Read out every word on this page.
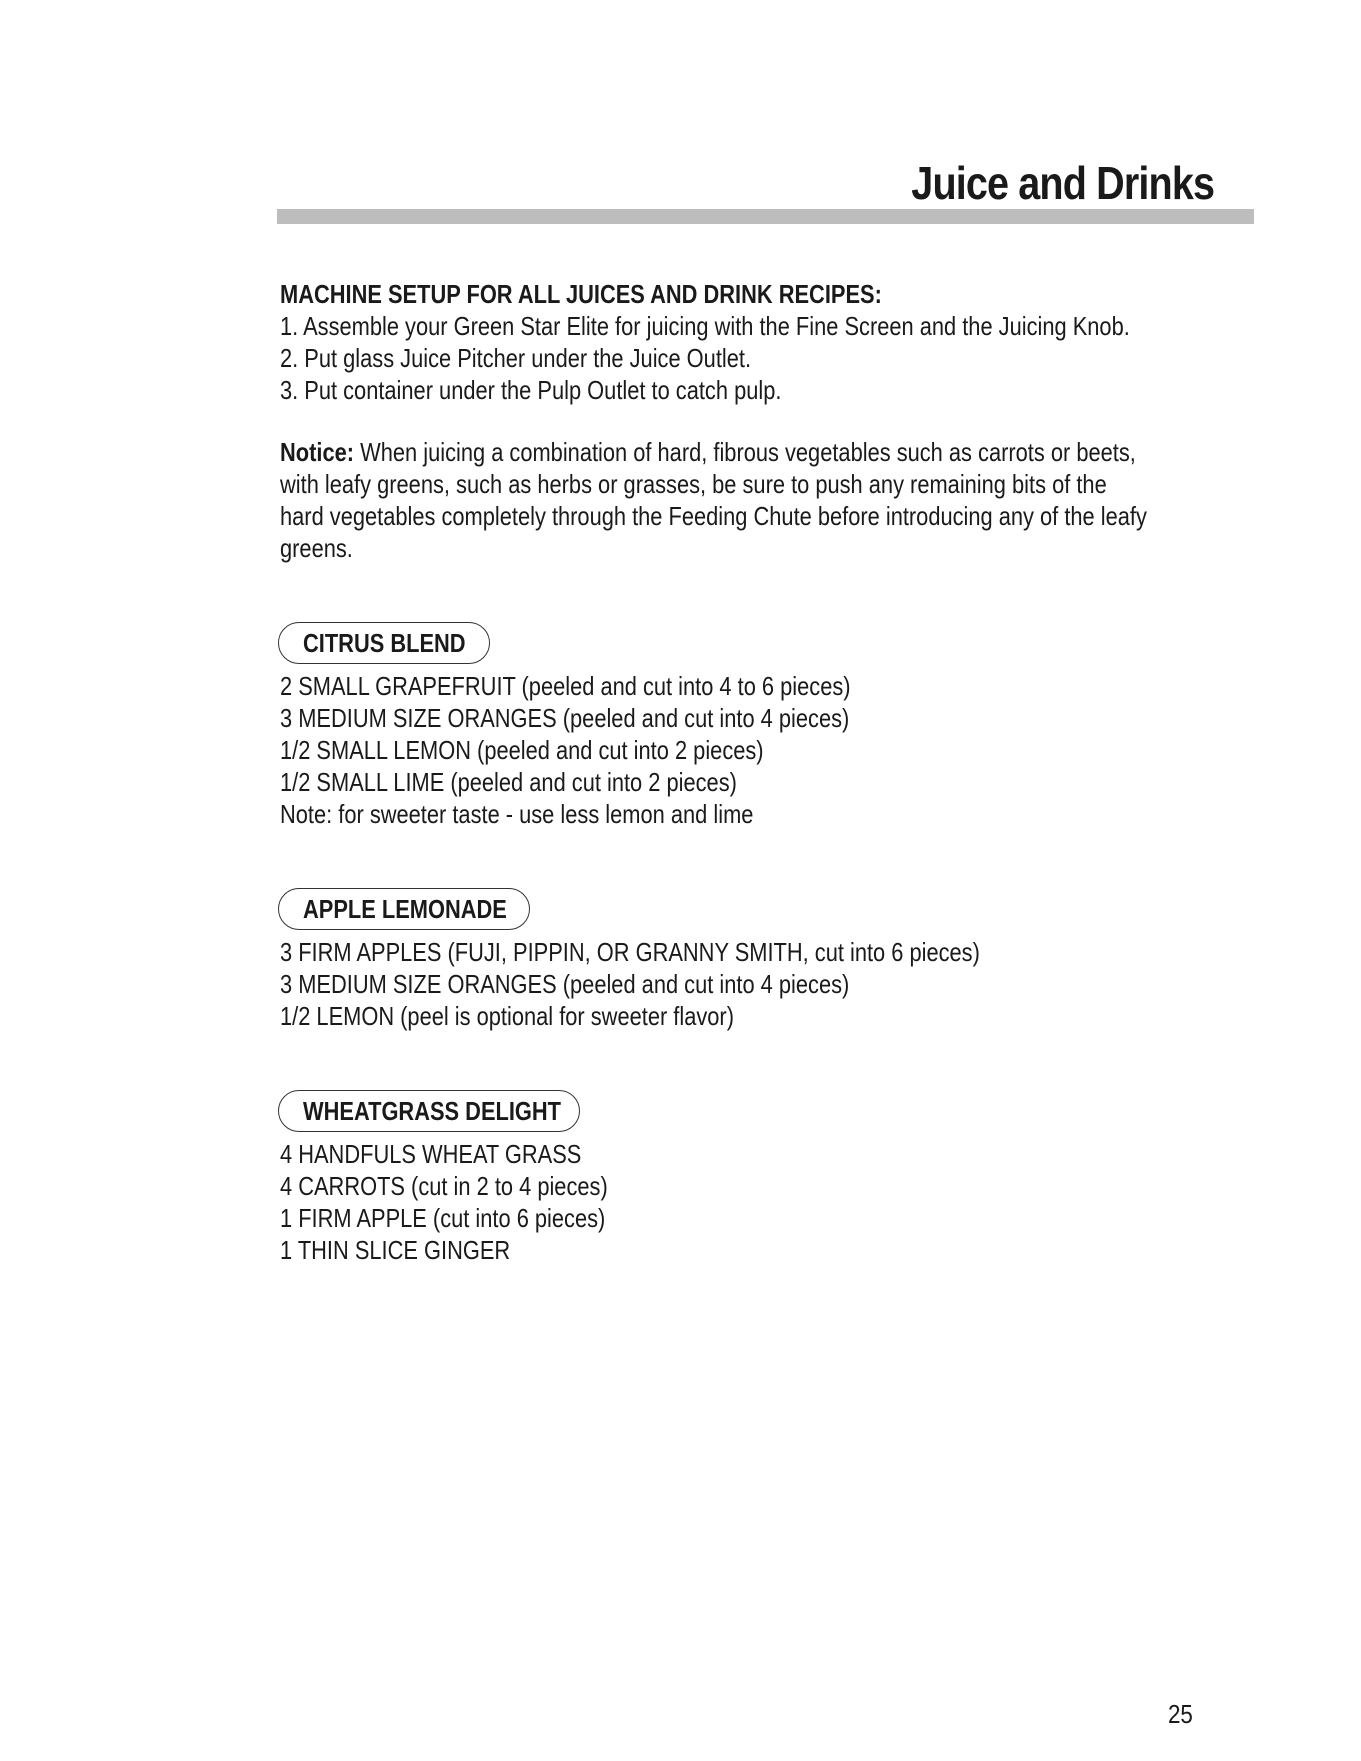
Juice and Drinks
MACHINE SETUP FOR ALL JUICES AND DRINK RECIPES:
1. Assemble your Green Star Elite for juicing with the Fine Screen and the Juicing Knob.
2. Put glass Juice Pitcher under the Juice Outlet.
3. Put container under the Pulp Outlet to catch pulp.
Notice: When juicing a combination of hard, fibrous vegetables such as carrots or beets,
with leafy greens, such as herbs or grasses, be sure to push any remaining bits of the
hard vegetables completely through the Feeding Chute before introducing any of the leafy
greens.
CITRUS BLEND
2 SMALL GRAPEFRUIT (peeled and cut into 4 to 6 pieces)
3 MEDIUM SIZE ORANGES (peeled and cut into 4 pieces)
1/2 SMALL LEMON (peeled and cut into 2 pieces)
1/2 SMALL LIME (peeled and cut into 2 pieces)
Note: for sweeter taste - use less lemon and lime
APPLE LEMONADE
3 FIRM APPLES (FUJI, PIPPIN, OR GRANNY SMITH, cut into 6 pieces)
3 MEDIUM SIZE ORANGES (peeled and cut into 4 pieces)
1/2 LEMON (peel is optional for sweeter flavor)
WHEATGRASS DELIGHT
4 HANDFULS WHEAT GRASS
4 CARROTS (cut in 2 to 4 pieces)
1 FIRM APPLE (cut into 6 pieces)
1 THIN SLICE GINGER
25
